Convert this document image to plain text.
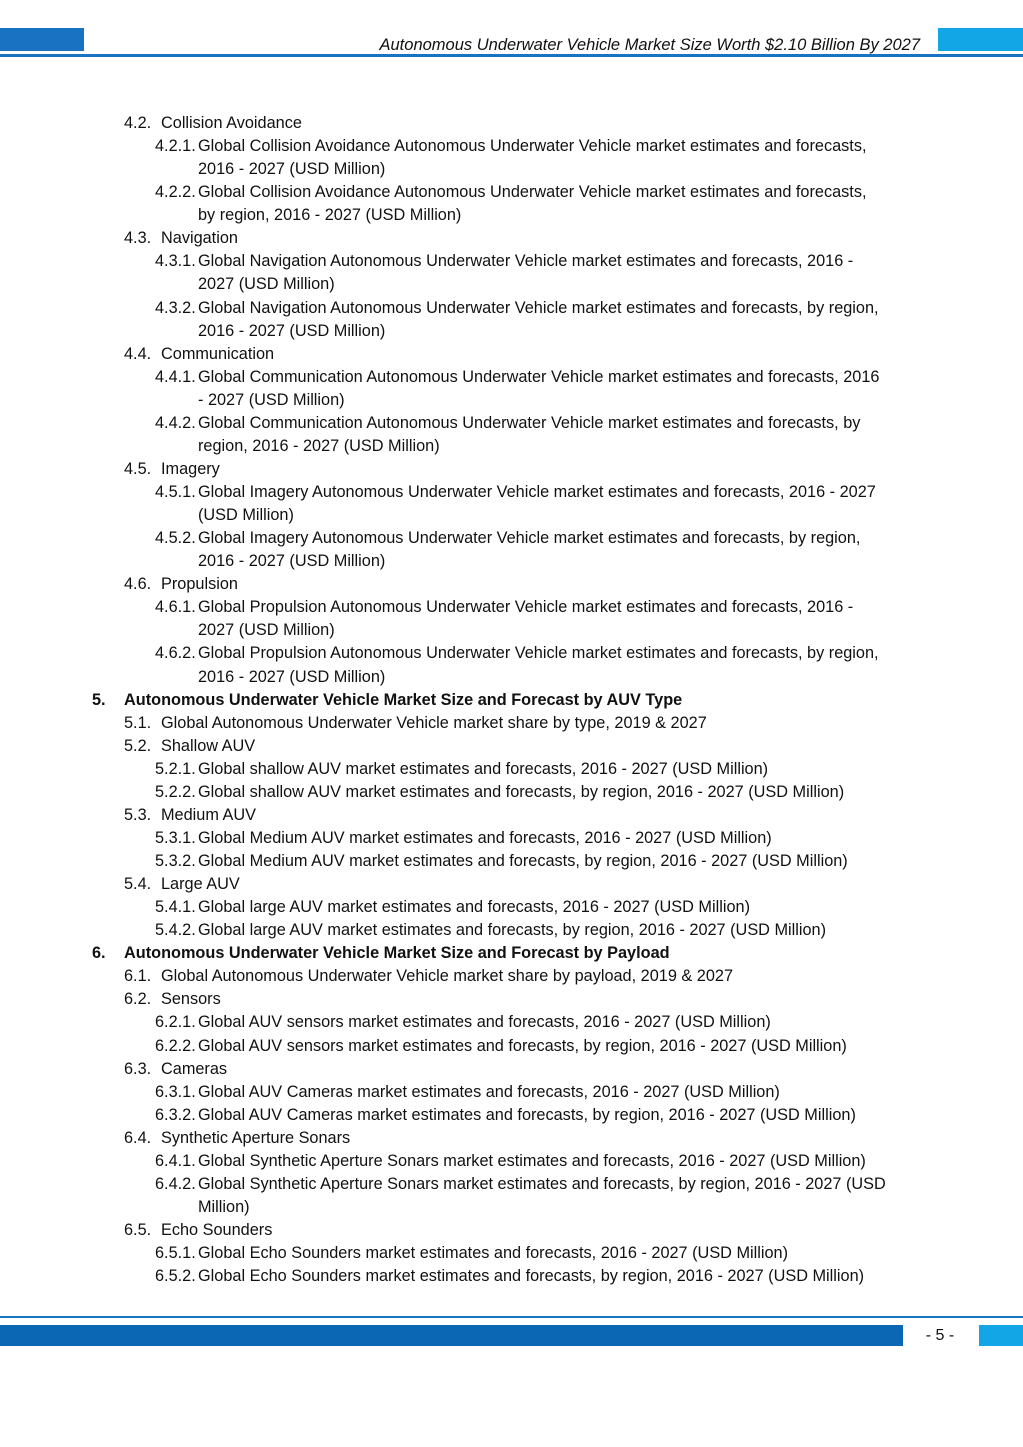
Autonomous Underwater Vehicle Market Size Worth $2.10 Billion By 2027
4.2. Collision Avoidance
4.2.1. Global Collision Avoidance Autonomous Underwater Vehicle market estimates and forecasts,
2016 - 2027 (USD Million)
4.2.2. Global Collision Avoidance Autonomous Underwater Vehicle market estimates and forecasts,
by region, 2016 - 2027 (USD Million)
4.3. Navigation
4.3.1. Global Navigation Autonomous Underwater Vehicle market estimates and forecasts, 2016 -
2027 (USD Million)
4.3.2. Global Navigation Autonomous Underwater Vehicle market estimates and forecasts, by region,
2016 - 2027 (USD Million)
4.4. Communication
4.4.1. Global Communication Autonomous Underwater Vehicle market estimates and forecasts, 2016
- 2027 (USD Million)
4.4.2. Global Communication Autonomous Underwater Vehicle market estimates and forecasts, by
region, 2016 - 2027 (USD Million)
4.5. Imagery
4.5.1. Global Imagery Autonomous Underwater Vehicle market estimates and forecasts, 2016 - 2027
(USD Million)
4.5.2. Global Imagery Autonomous Underwater Vehicle market estimates and forecasts, by region,
2016 - 2027 (USD Million)
4.6. Propulsion
4.6.1. Global Propulsion Autonomous Underwater Vehicle market estimates and forecasts, 2016 -
2027 (USD Million)
4.6.2. Global Propulsion Autonomous Underwater Vehicle market estimates and forecasts, by region,
2016 - 2027 (USD Million)
5. Autonomous Underwater Vehicle Market Size and Forecast by AUV Type
5.1. Global Autonomous Underwater Vehicle market share by type, 2019 & 2027
5.2. Shallow AUV
5.2.1. Global shallow AUV market estimates and forecasts, 2016 - 2027 (USD Million)
5.2.2. Global shallow AUV market estimates and forecasts, by region, 2016 - 2027 (USD Million)
5.3. Medium AUV
5.3.1. Global Medium AUV market estimates and forecasts, 2016 - 2027 (USD Million)
5.3.2. Global Medium AUV market estimates and forecasts, by region, 2016 - 2027 (USD Million)
5.4. Large AUV
5.4.1. Global large AUV market estimates and forecasts, 2016 - 2027 (USD Million)
5.4.2. Global large AUV market estimates and forecasts, by region, 2016 - 2027 (USD Million)
6. Autonomous Underwater Vehicle Market Size and Forecast by Payload
6.1. Global Autonomous Underwater Vehicle market share by payload, 2019 & 2027
6.2. Sensors
6.2.1. Global AUV sensors market estimates and forecasts, 2016 - 2027 (USD Million)
6.2.2. Global AUV sensors market estimates and forecasts, by region, 2016 - 2027 (USD Million)
6.3. Cameras
6.3.1. Global AUV Cameras market estimates and forecasts, 2016 - 2027 (USD Million)
6.3.2. Global AUV Cameras market estimates and forecasts, by region, 2016 - 2027 (USD Million)
6.4. Synthetic Aperture Sonars
6.4.1. Global Synthetic Aperture Sonars market estimates and forecasts, 2016 - 2027 (USD Million)
6.4.2. Global Synthetic Aperture Sonars market estimates and forecasts, by region, 2016 - 2027 (USD
Million)
6.5. Echo Sounders
6.5.1. Global Echo Sounders market estimates and forecasts, 2016 - 2027 (USD Million)
6.5.2. Global Echo Sounders market estimates and forecasts, by region, 2016 - 2027 (USD Million)
- 5 -
